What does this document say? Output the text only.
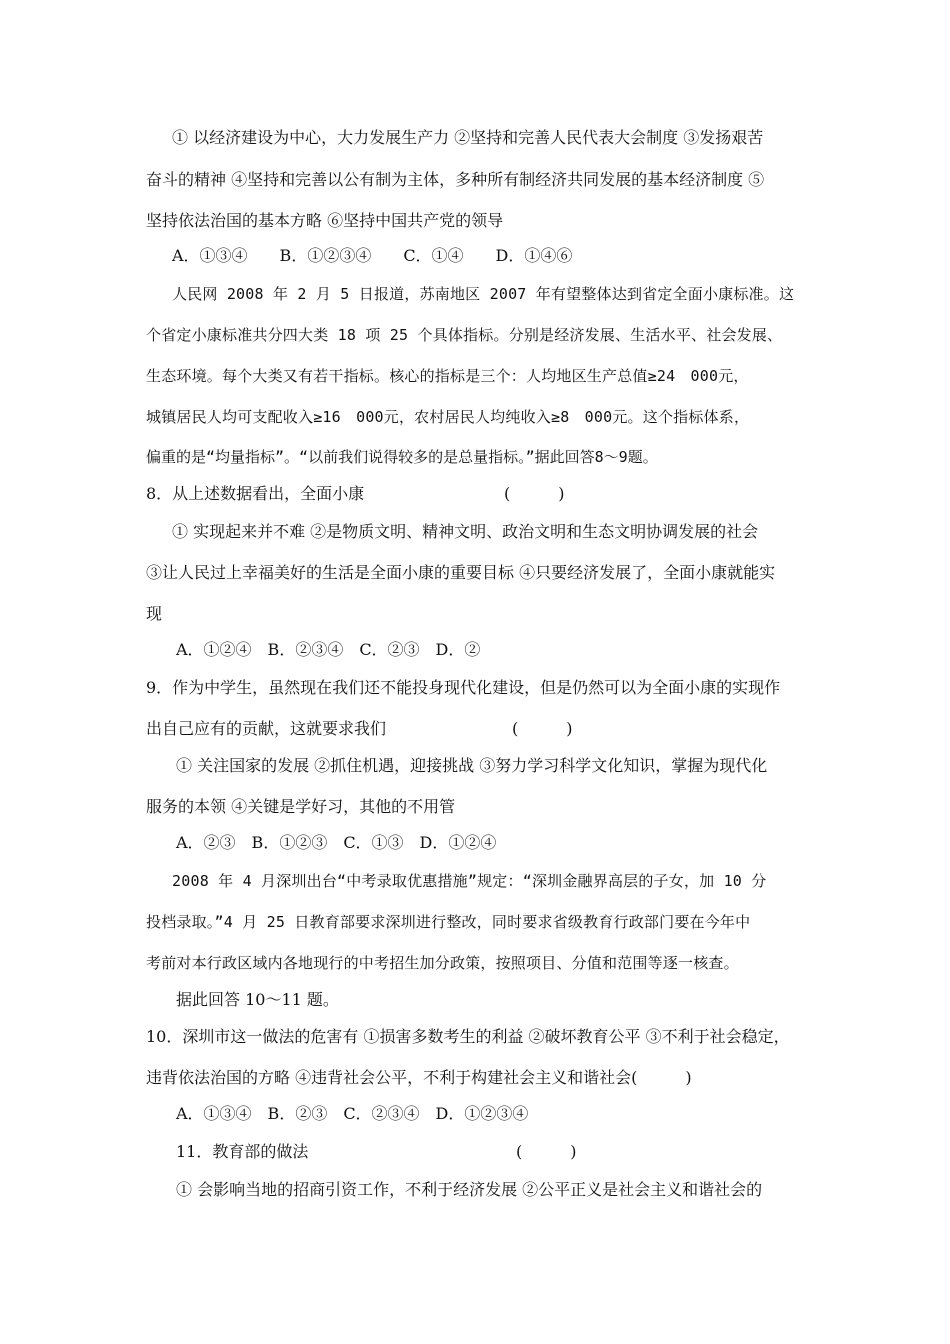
① 以经济建设为中心，大力发展生产力 ②坚持和完善人民代表大会制度 ③发扬艰苦
奋斗的精神 ④坚持和完善以公有制为主体，多种所有制经济共同发展的基本经济制度 ⑤
坚持依法治国的基本方略 ⑥坚持中国共产党的领导
A．①③④　　B．①②③④　　C．①④　　D．①④⑥
人民网 2008 年 2 月 5 日报道，苏南地区 2007 年有望整体达到省定全面小康标准。这
个省定小康标准共分四大类 18 项 25 个具体指标。分别是经济发展、生活水平、社会发展、
生态环境。每个大类又有若干指标。核心的指标是三个：人均地区生产总值≥24　000元，
城镇居民人均可支配收入≥16　000元，农村居民人均纯收入≥8　000元。这个指标体系，
偏重的是“均量指标”。“以前我们说得较多的是总量指标。”据此回答8～9题。
8．从上述数据看出，全面小康	(　　　)
① 实现起来并不难 ②是物质文明、精神文明、政治文明和生态文明协调发展的社会
③让人民过上幸福美好的生活是全面小康的重要目标 ④只要经济发展了，全面小康就能实
现
A．①②④　B．②③④　C．②③　D．②
9．作为中学生，虽然现在我们还不能投身现代化建设，但是仍然可以为全面小康的实现作
出自己应有的贡献，这就要求我们	(　　　)
① 关注国家的发展 ②抓住机遇，迎接挑战 ③努力学习科学文化知识，掌握为现代化
服务的本领 ④关键是学好习，其他的不用管
A．②③　B．①②③　C．①③　D．①②④
2008 年 4 月深圳出台“中考录取优惠措施”规定：“深圳金融界高层的子女，加 10 分
投档录取。”4 月 25 日教育部要求深圳进行整改，同时要求省级教育行政部门要在今年中
考前对本行政区域内各地现行的中考招生加分政策，按照项目、分值和范围等逐一核查。
据此回答 10～11 题。
10．深圳市这一做法的危害有 ①损害多数考生的利益 ②破坏教育公平 ③不利于社会稳定，
违背依法治国的方略 ④违背社会公平，不利于构建社会主义和谐社会(　　　)
A．①③④　B．②③　C．②③④　D．①②③④
11．教育部的做法	(　　　)
① 会影响当地的招商引资工作，不利于经济发展 ②公平正义是社会主义和谐社会的
